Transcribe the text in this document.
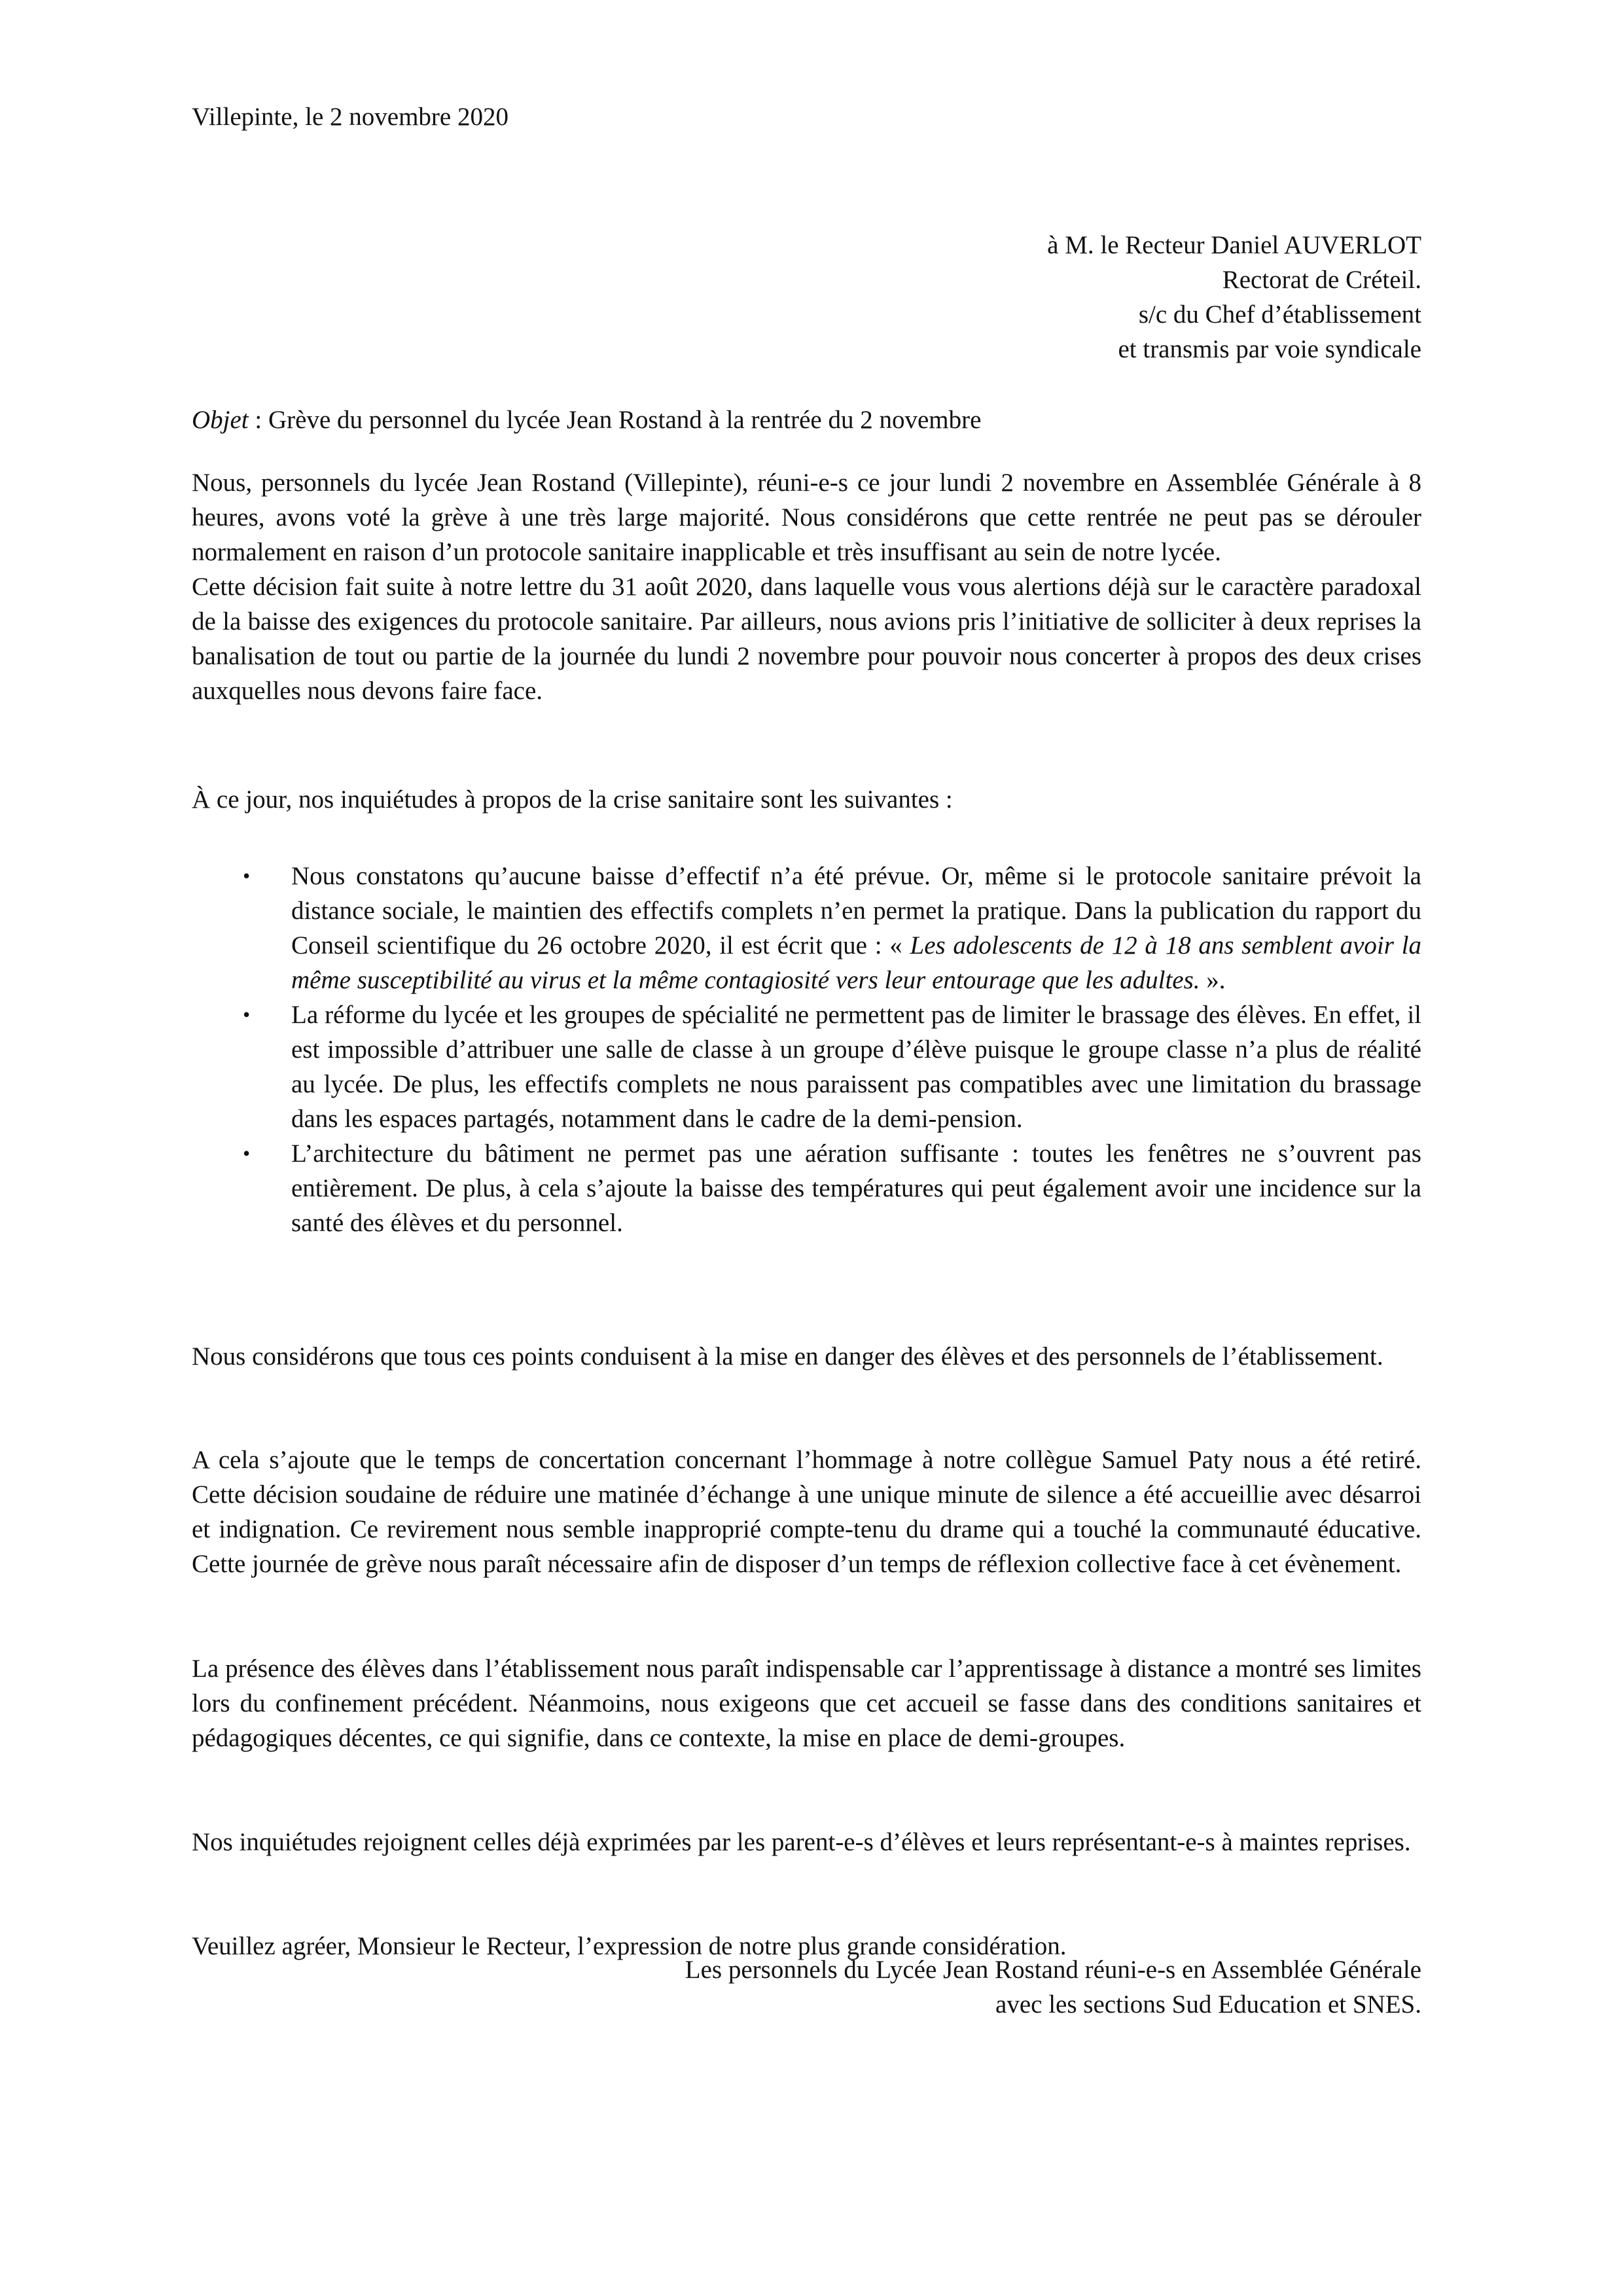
Villepinte, le 2 novembre 2020
à M. le Recteur Daniel AUVERLOT
Rectorat de Créteil.
s/c du Chef d’établissement
et transmis par voie syndicale
Objet : Grève du personnel du lycée Jean Rostand à la rentrée du 2 novembre

Nous, personnels du lycée Jean Rostand (Villepinte), réuni-e-s ce jour lundi 2 novembre en Assemblée Générale à 8 heures, avons voté la grève à une très large majorité. Nous considérons que cette rentrée ne peut pas se dérouler normalement en raison d’un protocole sanitaire inapplicable et très insuffisant au sein de notre lycée.

Cette décision fait suite à notre lettre du 31 août 2020, dans laquelle vous vous alertions déjà sur le caractère paradoxal de la baisse des exigences du protocole sanitaire. Par ailleurs, nous avions pris l’initiative de solliciter à deux reprises la banalisation de tout ou partie de la journée du lundi 2 novembre pour pouvoir nous concerter à propos des deux crises auxquelles nous devons faire face.

À ce jour, nos inquiétudes à propos de la crise sanitaire sont les suivantes :
• Nous constatons qu’aucune baisse d’effectif n’a été prévue. Or, même si le protocole sanitaire prévoit la distance sociale, le maintien des effectifs complets n’en permet la pratique. Dans la publication du rapport du Conseil scientifique du 26 octobre 2020, il est écrit que : « Les adolescents de 12 à 18 ans semblent avoir la même susceptibilité au virus et la même contagiosité vers leur entourage que les adultes. ».
• La réforme du lycée et les groupes de spécialité ne permettent pas de limiter le brassage des élèves. En effet, il est impossible d’attribuer une salle de classe à un groupe d’élève puisque le groupe classe n’a plus de réalité au lycée. De plus, les effectifs complets ne nous paraissent pas compatibles avec une limitation du brassage dans les espaces partagés, notamment dans le cadre de la demi-pension.
• L’architecture du bâtiment ne permet pas une aération suffisante : toutes les fenêtres ne s’ouvrent pas entièrement. De plus, à cela s’ajoute la baisse des températures qui peut également avoir une incidence sur la santé des élèves et du personnel.
Nous considérons que tous ces points conduisent à la mise en danger des élèves et des personnels de l’établissement.
A cela s’ajoute que le temps de concertation concernant l’hommage à notre collègue Samuel Paty nous a été retiré. Cette décision soudaine de réduire une matinée d’échange à une unique minute de silence a été accueillie avec désarroi et indignation. Ce revirement nous semble inapproprié compte-tenu du drame qui a touché la communauté éducative. Cette journée de grève nous paraît nécessaire afin de disposer d’un temps de réflexion collective face à cet évènement.
La présence des élèves dans l’établissement nous paraît indispensable car l’apprentissage à distance a montré ses limites lors du confinement précédent. Néanmoins, nous exigeons que cet accueil se fasse dans des conditions sanitaires et pédagogiques décentes, ce qui signifie, dans ce contexte, la mise en place de demi-groupes.
Nos inquiétudes rejoignent celles déjà exprimées par les parent-e-s d’élèves et leurs représentant-e-s à maintes reprises.
Veuillez agréer, Monsieur le Recteur, l’expression de notre plus grande considération.
Les personnels du Lycée Jean Rostand réuni-e-s en Assemblée Générale
avec les sections Sud Education et SNES.
